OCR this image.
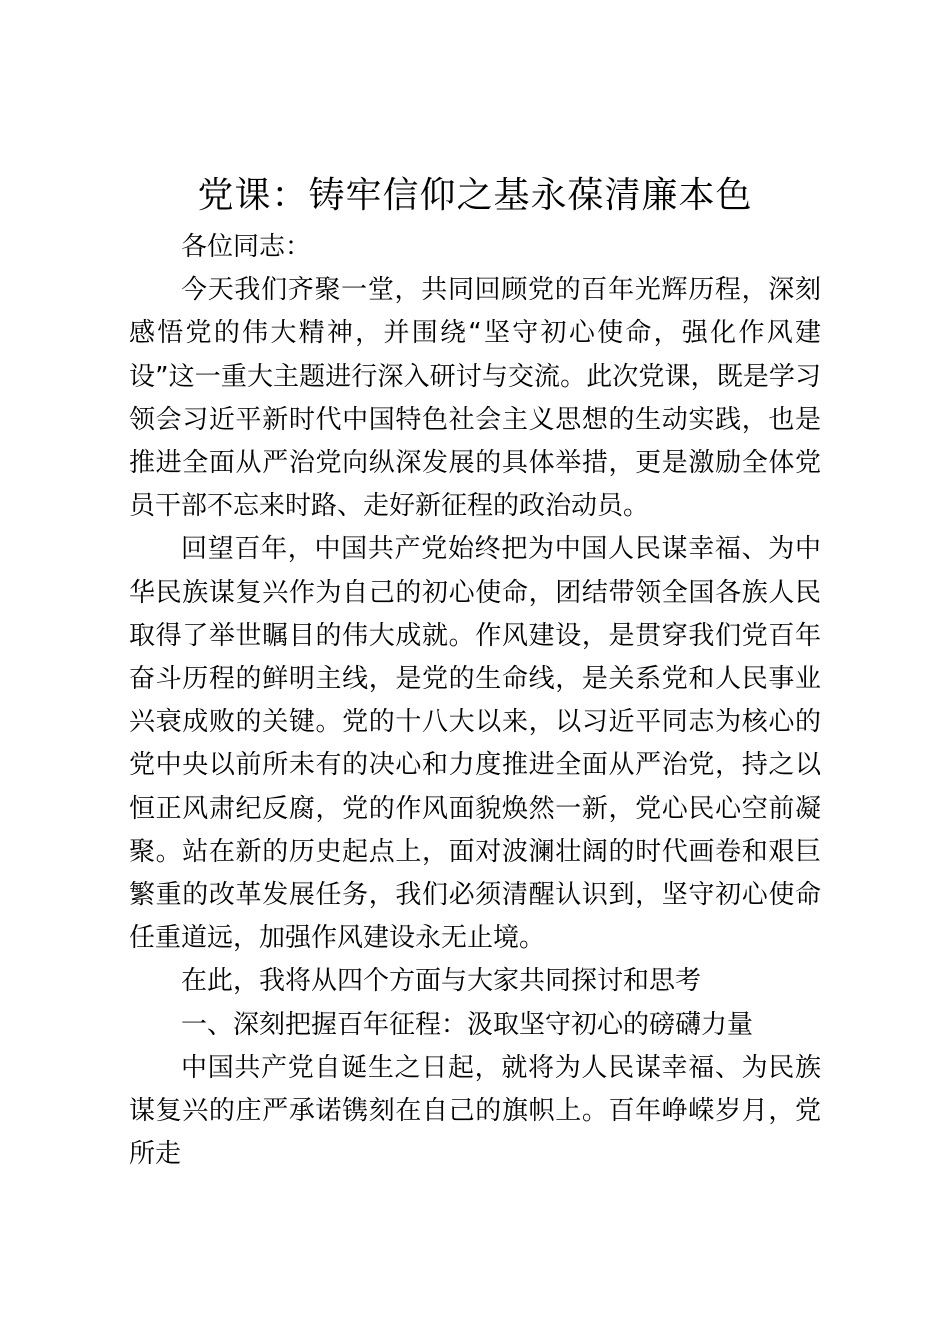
党课：铸牢信仰之基永葆清廉本色

各位同志：

今天我们齐聚一堂，共同回顾党的百年光辉历程，深刻感悟党的伟大精神，并围绕“坚守初心使命，强化作风建设”这一重大主题进行深入研讨与交流。此次党课，既是学习领会习近平新时代中国特色社会主义思想的生动实践，也是推进全面从严治党向纵深发展的具体举措，更是激励全体党员干部不忘来时路、走好新征程的政治动员。

回望百年，中国共产党始终把为中国人民谋幸福、为中华民族谋复兴作为自己的初心使命，团结带领全国各族人民取得了举世瞩目的伟大成就。作风建设，是贯穿我们党百年奋斗历程的鲜明主线，是党的生命线，是关系党和人民事业兴衰成败的关键。党的十八大以来，以习近平同志为核心的党中央以前所未有的决心和力度推进全面从严治党，持之以恒正风肃纪反腐，党的作风面貌焕然一新，党心民心空前凝聚。站在新的历史起点上，面对波澜壮阔的时代画卷和艰巨繁重的改革发展任务，我们必须清醒认识到，坚守初心使命任重道远，加强作风建设永无止境。

在此，我将从四个方面与大家共同探讨和思考

一、深刻把握百年征程：汲取坚守初心的磅礴力量

中国共产党自诞生之日起，就将为人民谋幸福、为民族谋复兴的庄严承诺镌刻在自己的旗帜上。百年峥嵘岁月，党所走
